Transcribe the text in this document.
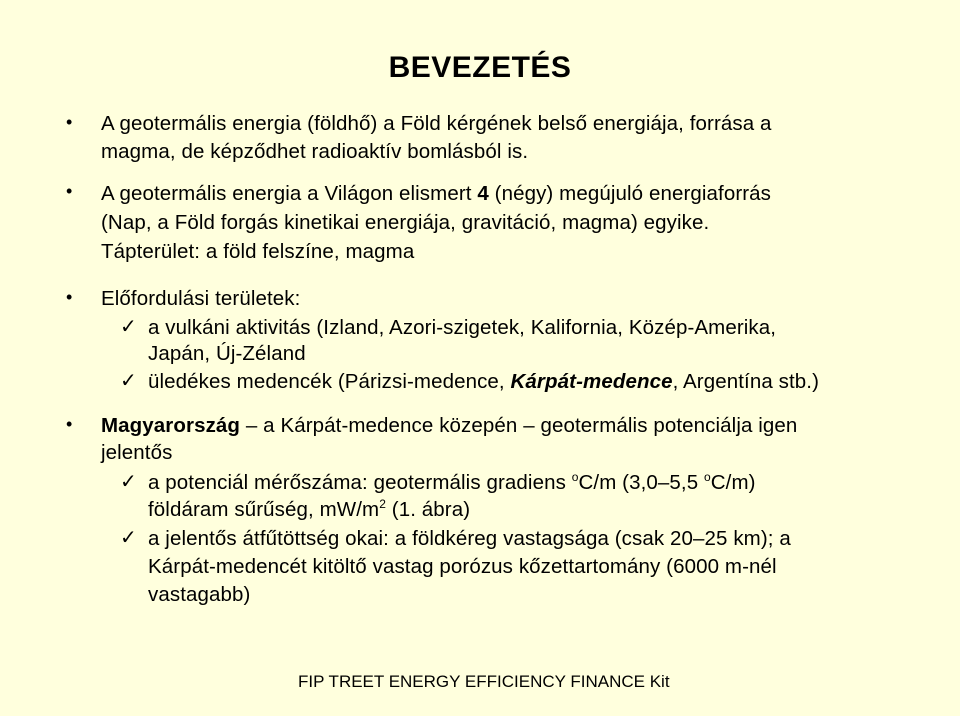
BEVEZETÉS
• A geotermális energia (földhő) a Föld kérgének belső energiája, forrása a
magma, de képződhet radioaktív bomlásból is.
• A geotermális energia a Világon elismert 4 (négy) megújuló energiaforrás
(Nap, a Föld forgás kinetikai energiája, gravitáció, magma) egyike.
Tápterület: a föld felszíne, magma
• Előfordulási területek:
✓ a vulkáni aktivitás (Izland, Azori-szigetek, Kalifornia, Közép-Amerika,
Japán, Új-Zéland
✓ üledékes medencék (Párizsi-medence, Kárpát-medence, Argentína stb.)
• Magyarország – a Kárpát-medence közepén – geotermális potenciálja igen
jelentős
✓ a potenciál mérőszáma: geotermális gradiens $^o$C/m (3,0–5,5 $^o$C/m)
földáram sűrűség, $mW/m^2$ (1. ábra)
✓ a jelentős átfűtöttség okai: a földkéreg vastagsága (csak 20–25 km); a
Kárpát-medencét kitöltő vastag porózus kőzettartomány (6000 m-nél
vastagabb)
FIP TREET ENERGY EFFICIENCY FINANCE Kit
